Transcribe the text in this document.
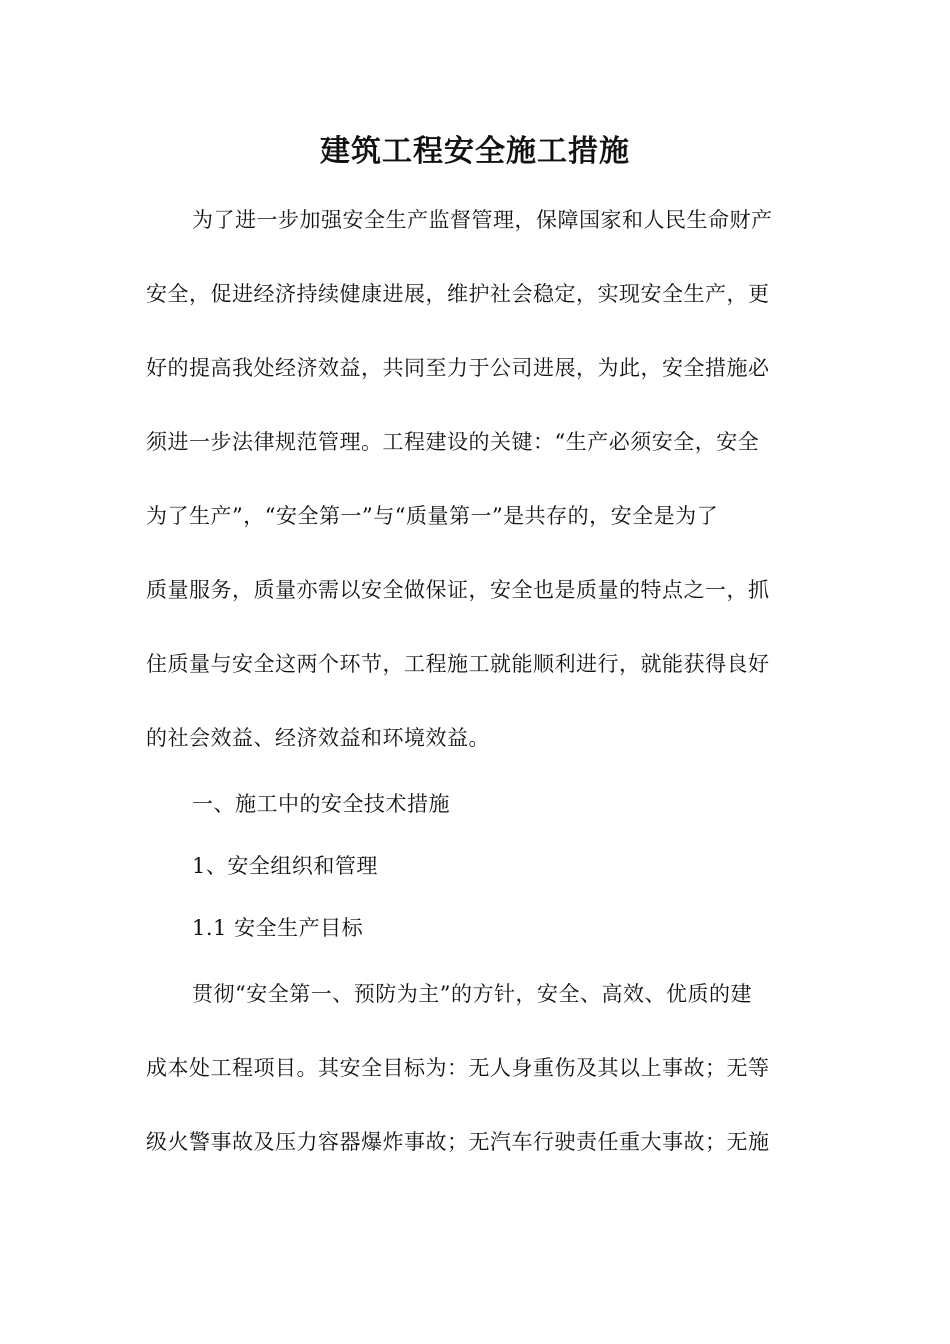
建筑工程安全施工措施
为了进一步加强安全生产监督管理，保障国家和人民生命财产
安全，促进经济持续健康进展，维护社会稳定，实现安全生产，更
好的提高我处经济效益，共同至力于公司进展，为此，安全措施必
须进一步法律规范管理。工程建设的关键：“生产必须安全，安全
为了生产”，“安全第一”与“质量第一”是共存的，安全是为了
质量服务，质量亦需以安全做保证，安全也是质量的特点之一，抓
住质量与安全这两个环节，工程施工就能顺利进行，就能获得良好
的社会效益、经济效益和环境效益。

一、施工中的安全技术措施

1、安全组织和管理

1.1 安全生产目标

贯彻“安全第一、预防为主”的方针，安全、高效、优质的建
成本处工程项目。其安全目标为：无人身重伤及其以上事故；无等
级火警事故及压力容器爆炸事故；无汽车行驶责任重大事故；无施
